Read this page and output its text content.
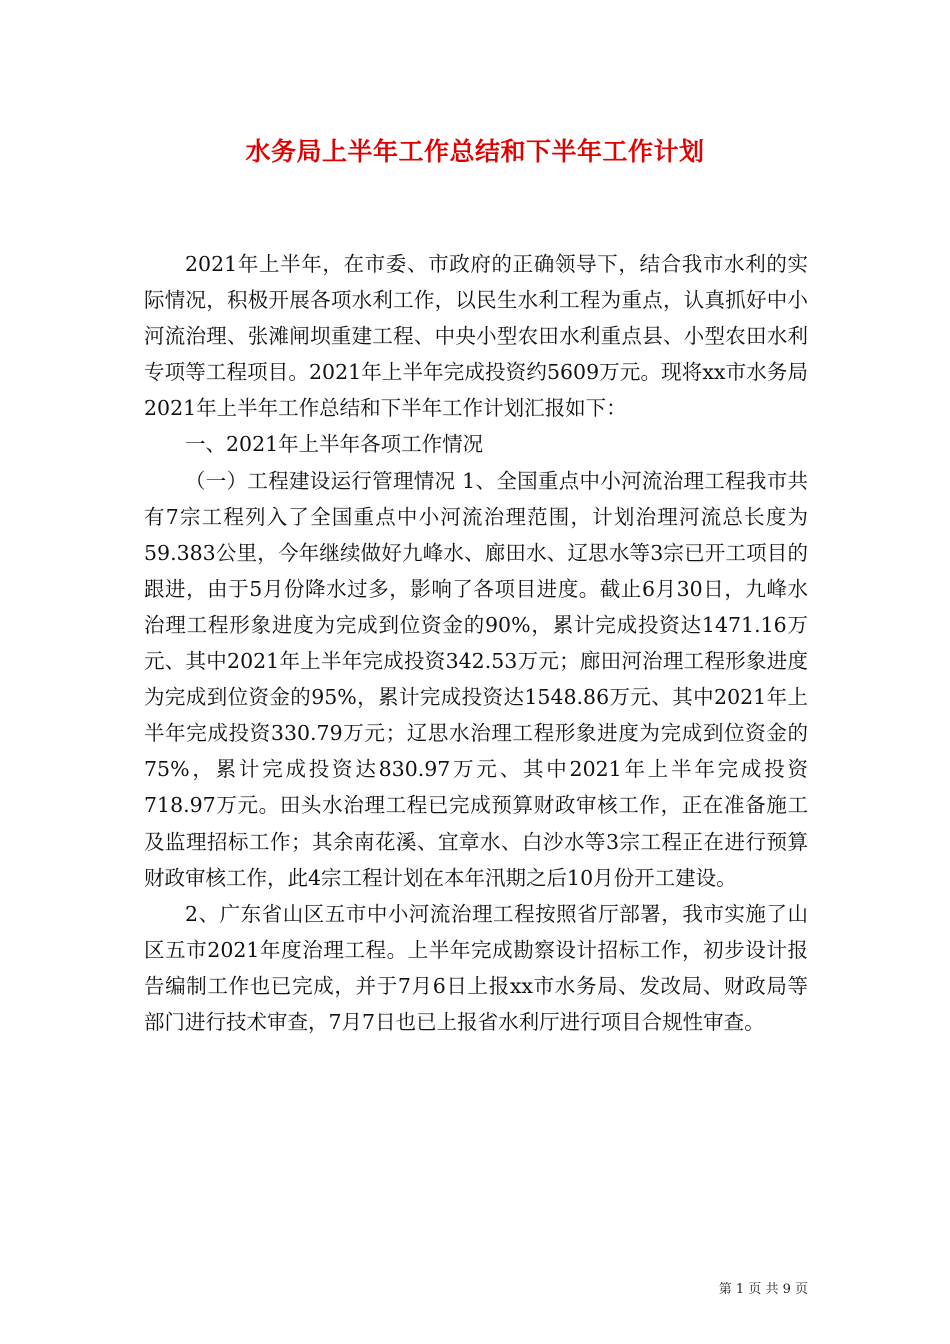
水务局上半年工作总结和下半年工作计划

2021年上半年，在市委、市政府的正确领导下，结合我市水利的实际情况，积极开展各项水利工作，以民生水利工程为重点，认真抓好中小河流治理、张滩闸坝重建工程、中央小型农田水利重点县、小型农田水利专项等工程项目。2021年上半年完成投资约5609万元。现将xx市水务局2021年上半年工作总结和下半年工作计划汇报如下：

一、2021年上半年各项工作情况

（一）工程建设运行管理情况 1、全国重点中小河流治理工程我市共有7宗工程列入了全国重点中小河流治理范围，计划治理河流总长度为59.383公里，今年继续做好九峰水、廊田水、辽思水等3宗已开工项目的跟进，由于5月份降水过多，影响了各项目进度。截止6月30日，九峰水治理工程形象进度为完成到位资金的90%，累计完成投资达1471.16万元、其中2021年上半年完成投资342.53万元；廊田河治理工程形象进度为完成到位资金的95%，累计完成投资达1548.86万元、其中2021年上半年完成投资330.79万元；辽思水治理工程形象进度为完成到位资金的75%，累计完成投资达830.97万元、其中2021年上半年完成投资718.97万元。田头水治理工程已完成预算财政审核工作，正在准备施工及监理招标工作；其余南花溪、宜章水、白沙水等3宗工程正在进行预算财政审核工作，此4宗工程计划在本年汛期之后10月份开工建设。

2、广东省山区五市中小河流治理工程按照省厅部署，我市实施了山区五市2021年度治理工程。上半年完成勘察设计招标工作，初步设计报告编制工作也已完成，并于7月6日上报xx市水务局、发改局、财政局等部门进行技术审查，7月7日也已上报省水利厅进行项目合规性审查。

第 1 页 共 9 页
